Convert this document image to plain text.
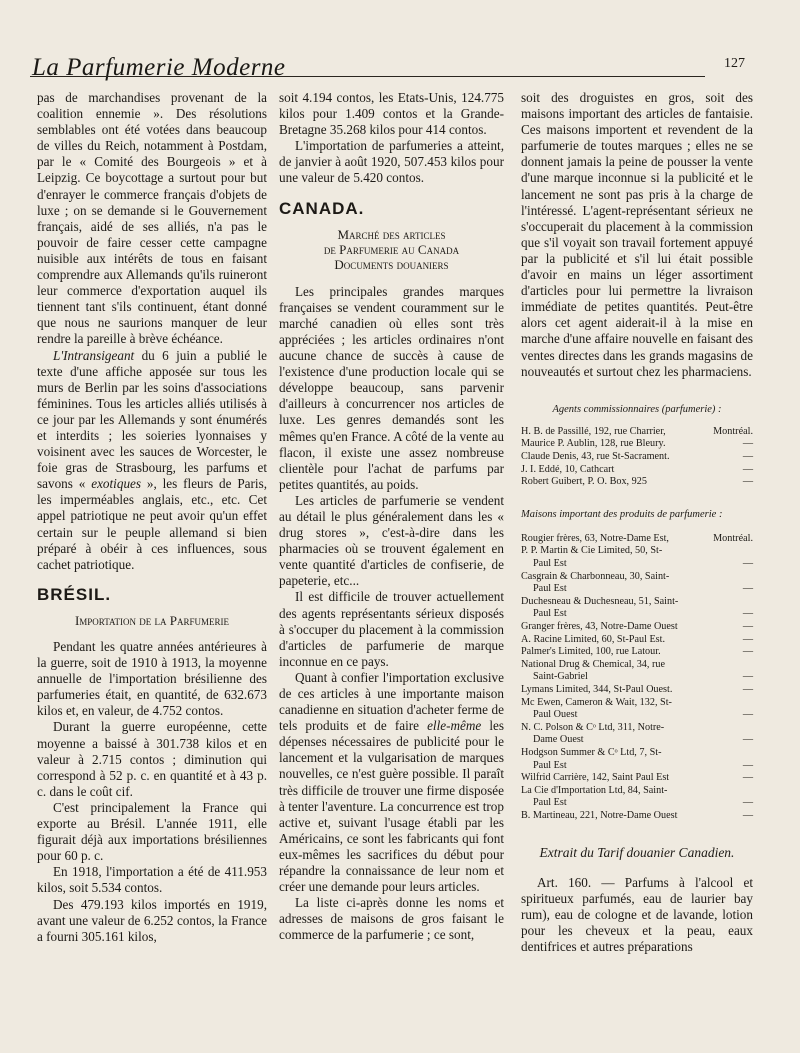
La Parfumerie Moderne	127

pas de marchandises provenant de la coalition ennemie ». Des résolutions semblables ont été votées dans beaucoup de villes du Reich, notamment à Postdam, par le « Comité des Bourgeois » et à Leipzig. Ce boycottage a surtout pour but d'enrayer le commerce français d'objets de luxe ; on se demande si le Gouvernement français, aidé de ses alliés, n'a pas le pouvoir de faire cesser cette campagne nuisible aux intérêts de tous en faisant comprendre aux Allemands qu'ils ruineront leur commerce d'exportation auquel ils tiennent tant s'ils continuent, étant donné que nous ne saurions manquer de leur rendre la pareille à brève échéance.

L'Intransigeant du 6 juin a publié le texte d'une affiche apposée sur tous les murs de Berlin par les soins d'associations féminines. Tous les articles alliés utilisés à ce jour par les Allemands y sont énumérés et interdits ; les soieries lyonnaises y voisinent avec les sauces de Worcester, le foie gras de Strasbourg, les parfums et savons « exotiques », les fleurs de Paris, les imperméables anglais, etc., etc. Cet appel patriotique ne peut avoir qu'un effet certain sur le peuple allemand si bien préparé à obéir à ces influences, sous cachet patriotique.

BRÉSIL.
Importation de la Parfumerie

Pendant les quatre années antérieures à la guerre, soit de 1910 à 1913, la moyenne annuelle de l'importation brésilienne des parfumeries était, en quantité, de 632.673 kilos et, en valeur, de 4.752 contos.

Durant la guerre européenne, cette moyenne a baissé à 301.738 kilos et en valeur à 2.715 contos ; diminution qui correspond à 52 p. c. en quantité et à 43 p. c. dans le coût cif.

C'est principalement la France qui exporte au Brésil. L'année 1911, elle figurait déjà aux importations brésiliennes pour 60 p. c.

En 1918, l'importation a été de 411.953 kilos, soit 5.534 contos.

Des 479.193 kilos importés en 1919, avant une valeur de 6.252 contos, la France a fourni 305.161 kilos,

soit 4.194 contos, les Etats-Unis, 124.775 kilos pour 1.409 contos et la Grande-Bretagne 35.268 kilos pour 414 contos.

L'importation de parfumeries a atteint, de janvier à août 1920, 507.453 kilos pour une valeur de 5.420 contos.

CANADA.
Marché des articles
de Parfumerie au Canada
Documents douaniers

Les principales grandes marques françaises se vendent couramment sur le marché canadien où elles sont très appréciées ; les articles ordinaires n'ont aucune chance de succès à cause de l'existence d'une production locale qui se développe beaucoup, sans parvenir d'ailleurs à concurrencer nos articles de luxe. Les genres demandés sont les mêmes qu'en France. A côté de la vente au flacon, il existe une assez nombreuse clientèle pour l'achat de parfums par petites quantités, au poids.

Les articles de parfumerie se vendent au détail le plus généralement dans les « drug stores », c'est-à-dire dans les pharmacies où se trouvent également en vente quantité d'articles de confiserie, de papeterie, etc...

Il est difficile de trouver actuellement des agents représentants sérieux disposés à s'occuper du placement à la commission d'articles de parfumerie de marque inconnue en ce pays.

Quant à confier l'importation exclusive de ces articles à une importante maison canadienne en situation d'acheter ferme de tels produits et de faire elle-même les dépenses nécessaires de publicité pour le lancement et la vulgarisation de marques nouvelles, ce n'est guère possible. Il paraît très difficile de trouver une firme disposée à tenter l'aventure. La concurrence est trop active et, suivant l'usage établi par les Américains, ce sont les fabricants qui font eux-mêmes les sacrifices du début pour répandre la connaissance de leur nom et créer une demande pour leurs articles.

La liste ci-après donne les noms et adresses de maisons de gros faisant le commerce de la parfumerie ; ce sont,

soit des droguistes en gros, soit des maisons important des articles de fantaisie. Ces maisons importent et revendent de la parfumerie de toutes marques ; elles ne se donnent jamais la peine de pousser la vente d'une marque inconnue si la publicité et le lancement ne sont pas pris à la charge de l'intéressé. L'agent-représentant sérieux ne s'occuperait du placement à la commission que s'il voyait son travail fortement appuyé par la publicité et s'il lui était possible d'avoir en mains un léger assortiment d'articles pour lui permettre la livraison immédiate de petites quantités. Peut-être alors cet agent aiderait-il à la mise en marche d'une affaire nouvelle en faisant des ventes directes dans les grands magasins de nouveautés et surtout chez les pharmaciens.

Agents commissionnaires (parfumerie) :
H. B. de Passillé, 192, rue Charrier,	Montréal.
Maurice P. Aublin, 128, rue Bleury.	—
Claude Denis, 43, rue St-Sacrament.	—
J. I. Eddé, 10, Cathcart	—
Robert Guibert, P. O. Box, 925	—
Maisons important des produits de parfumerie :
Rougier frères, 63, Notre-Dame Est,	Montréal.
P. P. Martin & Cie Limited, 50, St-
Paul Est	—
Casgrain & Charbonneau, 30, Saint-
Paul Est	—
Duchesneau & Duchesneau, 51, Saint-
Paul Est	—
Granger frères, 43, Notre-Dame Ouest	—
A. Racine Limited, 60, St-Paul Est.	—
Palmer's Limited, 100, rue Latour.	—
National Drug & Chemical, 34, rue
Saint-Gabriel	—
Lymans Limited, 344, St-Paul Ouest.	—
Mc Ewen, Cameron & Wait, 132, St-
Paul Ouest	—
N. C. Polson & Cᵒ Ltd, 311, Notre-
Dame Ouest	—
Hodgson Summer & Cᵒ Ltd, 7, St-
Paul Est	—
Wilfrid Carrière, 142, Saint Paul Est	—
La Cie d'Importation Ltd, 84, Saint-
Paul Est	—
B. Martineau, 221, Notre-Dame Ouest	—
Extrait du Tarif douanier Canadien.

Art. 160. — Parfums à l'alcool et spiritueux parfumés, eau de laurier bay rum), eau de cologne et de lavande, lotion pour les cheveux et la peau, eaux dentifrices et autres préparations
